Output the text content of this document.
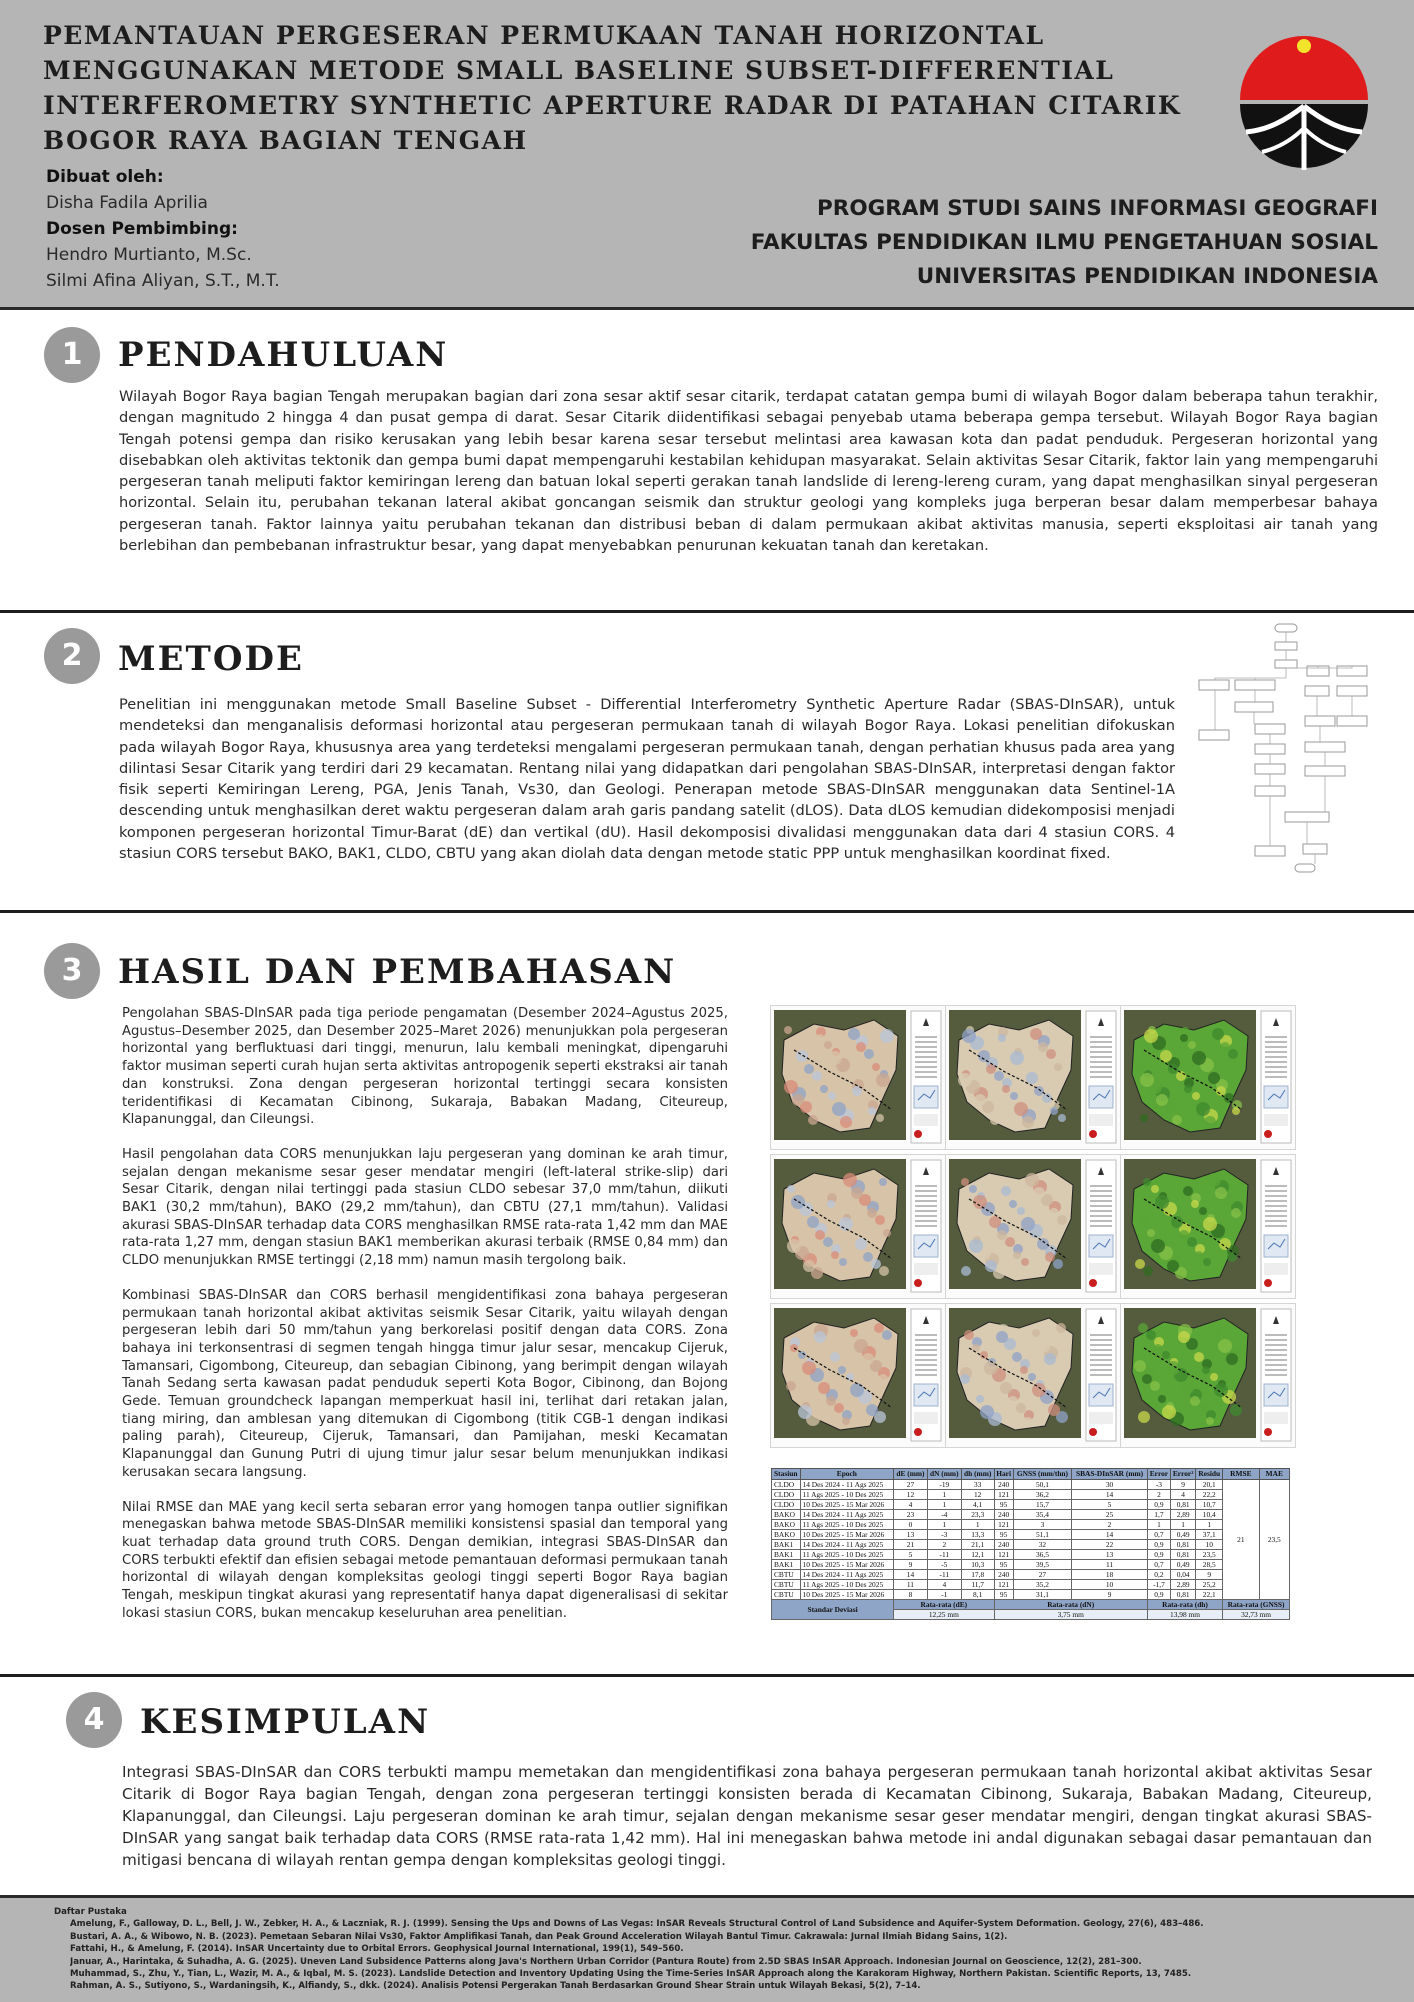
PEMANTAUAN PERGESERAN PERMUKAAN TANAH HORIZONTAL MENGGUNAKAN METODE SMALL BASELINE SUBSET-DIFFERENTIAL INTERFEROMETRY SYNTHETIC APERTURE RADAR DI PATAHAN CITARIK BOGOR RAYA BAGIAN TENGAH
Dibuat oleh:
Disha Fadila Aprilia
Dosen Pembimbing:
Hendro Murtianto, M.Sc.
Silmi Afina Aliyan, S.T., M.T.
PROGRAM STUDI SAINS INFORMASI GEOGRAFI
FAKULTAS PENDIDIKAN ILMU PENGETAHUAN SOSIAL
UNIVERSITAS PENDIDIKAN INDONESIA
1	PENDAHULUAN

Wilayah Bogor Raya bagian Tengah merupakan bagian dari zona sesar aktif sesar citarik, terdapat catatan gempa bumi di wilayah Bogor dalam beberapa tahun terakhir, dengan magnitudo 2 hingga 4 dan pusat gempa di darat. Sesar Citarik diidentifikasi sebagai penyebab utama beberapa gempa tersebut. Wilayah Bogor Raya bagian Tengah potensi gempa dan risiko kerusakan yang lebih besar karena sesar tersebut melintasi area kawasan kota dan padat penduduk. Pergeseran horizontal yang disebabkan oleh aktivitas tektonik dan gempa bumi dapat mempengaruhi kestabilan kehidupan masyarakat. Selain aktivitas Sesar Citarik, faktor lain yang mempengaruhi pergeseran tanah meliputi faktor kemiringan lereng dan batuan lokal seperti gerakan tanah landslide di lereng-lereng curam, yang dapat menghasilkan sinyal pergeseran horizontal. Selain itu, perubahan tekanan lateral akibat goncangan seismik dan struktur geologi yang kompleks juga berperan besar dalam memperbesar bahaya pergeseran tanah. Faktor lainnya yaitu perubahan tekanan dan distribusi beban di dalam permukaan akibat aktivitas manusia, seperti eksploitasi air tanah yang berlebihan dan pembebanan infrastruktur besar, yang dapat menyebabkan penurunan kekuatan tanah dan keretakan.

2	METODE

Penelitian ini menggunakan metode Small Baseline Subset - Differential Interferometry Synthetic Aperture Radar (SBAS-DInSAR), untuk mendeteksi dan menganalisis deformasi horizontal atau pergeseran permukaan tanah di wilayah Bogor Raya. Lokasi penelitian difokuskan pada wilayah Bogor Raya, khususnya area yang terdeteksi mengalami pergeseran permukaan tanah, dengan perhatian khusus pada area yang dilintasi Sesar Citarik yang terdiri dari 29 kecamatan. Rentang nilai yang didapatkan dari pengolahan SBAS-DInSAR, interpretasi dengan faktor fisik seperti Kemiringan Lereng, PGA, Jenis Tanah, Vs30, dan Geologi. Penerapan metode SBAS-DInSAR menggunakan data Sentinel-1A descending untuk menghasilkan deret waktu pergeseran dalam arah garis pandang satelit (dLOS). Data dLOS kemudian didekomposisi menjadi komponen pergeseran horizontal Timur-Barat (dE) dan vertikal (dU). Hasil dekomposisi divalidasi menggunakan data dari 4 stasiun CORS. 4 stasiun CORS tersebut BAKO, BAK1, CLDO, CBTU yang akan diolah data dengan metode static PPP untuk menghasilkan koordinat fixed.

3	HASIL DAN PEMBAHASAN

Pengolahan SBAS-DInSAR pada tiga periode pengamatan (Desember 2024–Agustus 2025, Agustus–Desember 2025, dan Desember 2025–Maret 2026) menunjukkan pola pergeseran horizontal yang berfluktuasi dari tinggi, menurun, lalu kembali meningkat, dipengaruhi faktor musiman seperti curah hujan serta aktivitas antropogenik seperti ekstraksi air tanah dan konstruksi. Zona dengan pergeseran horizontal tertinggi secara konsisten teridentifikasi di Kecamatan Cibinong, Sukaraja, Babakan Madang, Citeureup, Klapanunggal, dan Cileungsi.

Hasil pengolahan data CORS menunjukkan laju pergeseran yang dominan ke arah timur, sejalan dengan mekanisme sesar geser mendatar mengiri (left-lateral strike-slip) dari Sesar Citarik, dengan nilai tertinggi pada stasiun CLDO sebesar 37,0 mm/tahun, diikuti BAK1 (30,2 mm/tahun), BAKO (29,2 mm/tahun), dan CBTU (27,1 mm/tahun). Validasi akurasi SBAS-DInSAR terhadap data CORS menghasilkan RMSE rata-rata 1,42 mm dan MAE rata-rata 1,27 mm, dengan stasiun BAK1 memberikan akurasi terbaik (RMSE 0,84 mm) dan CLDO menunjukkan RMSE tertinggi (2,18 mm) namun masih tergolong baik.

Kombinasi SBAS-DInSAR dan CORS berhasil mengidentifikasi zona bahaya pergeseran permukaan tanah horizontal akibat aktivitas seismik Sesar Citarik, yaitu wilayah dengan pergeseran lebih dari 50 mm/tahun yang berkorelasi positif dengan data CORS. Zona bahaya ini terkonsentrasi di segmen tengah hingga timur jalur sesar, mencakup Cijeruk, Tamansari, Cigombong, Citeureup, dan sebagian Cibinong, yang berimpit dengan wilayah Tanah Sedang serta kawasan padat penduduk seperti Kota Bogor, Cibinong, dan Bojong Gede. Temuan groundcheck lapangan memperkuat hasil ini, terlihat dari retakan jalan, tiang miring, dan amblesan yang ditemukan di Cigombong (titik CGB-1 dengan indikasi paling parah), Citeureup, Cijeruk, Tamansari, dan Pamijahan, meski Kecamatan Klapanunggal dan Gunung Putri di ujung timur jalur sesar belum menunjukkan indikasi kerusakan secara langsung.

Nilai RMSE dan MAE yang kecil serta sebaran error yang homogen tanpa outlier signifikan menegaskan bahwa metode SBAS-DInSAR memiliki konsistensi spasial dan temporal yang kuat terhadap data ground truth CORS. Dengan demikian, integrasi SBAS-DInSAR dan CORS terbukti efektif dan efisien sebagai metode pemantauan deformasi permukaan tanah horizontal di wilayah dengan kompleksitas geologi tinggi seperti Bogor Raya bagian Tengah, meskipun tingkat akurasi yang representatif hanya dapat digeneralisasi di sekitar lokasi stasiun CORS, bukan mencakup keseluruhan area penelitian.

Stasiun	Epoch	dE (mm)	dN (mm)	dh (mm)	Hari	GNSS (mm/thn)	SBAS-DInSAR (mm)	Error	Error²	Residu	RMSE	MAE
CLDO	14 Des 2024 - 11 Ags 2025	27	-19	33	240	50,1	30	-3	9	20,1	21	23,5
CLDO	11 Ags 2025 - 10 Des 2025	12	1	12	121	36,2	14	2	4	22,2		
CLDO	10 Des 2025 - 15 Mar 2026	4	1	4,1	95	15,7	5	0,9	0,81	10,7		
BAKO	14 Des 2024 - 11 Ags 2025	23	-4	23,3	240	35,4	25	1,7	2,89	10,4		
BAKO	11 Ags 2025 - 10 Des 2025	0	1	1	121	3	2	1	1	1		
BAKO	10 Des 2025 - 15 Mar 2026	13	-3	13,3	95	51,1	14	0,7	0,49	37,1		
BAK1	14 Des 2024 - 11 Ags 2025	21	2	21,1	240	32	22	0,9	0,81	10		
BAK1	11 Ags 2025 - 10 Des 2025	5	-11	12,1	121	36,5	13	0,9	0,81	23,5		
BAK1	10 Des 2025 - 15 Mar 2026	9	-5	10,3	95	39,5	11	0,7	0,49	28,5		
CBTU	14 Des 2024 - 11 Ags 2025	14	-11	17,8	240	27	18	0,2	0,04	9		
CBTU	11 Ags 2025 - 10 Des 2025	11	4	11,7	121	35,2	10	-1,7	2,89	25,2		
CBTU	10 Des 2025 - 15 Mar 2026	8	-1	8,1	95	31,1	9	0,9	0,81	22,1		
Standar Deviasi		Rata-rata (dE)			Rata-rata (dN)			Rata-rata (dh)			Rata-rata (GNSS)	
		12,25 mm			3,75 mm			13,98 mm			32,73 mm	
4	KESIMPULAN

Integrasi SBAS-DInSAR dan CORS terbukti mampu memetakan dan mengidentifikasi zona bahaya pergeseran permukaan tanah horizontal akibat aktivitas Sesar Citarik di Bogor Raya bagian Tengah, dengan zona pergeseran tertinggi konsisten berada di Kecamatan Cibinong, Sukaraja, Babakan Madang, Citeureup, Klapanunggal, dan Cileungsi. Laju pergeseran dominan ke arah timur, sejalan dengan mekanisme sesar geser mendatar mengiri, dengan tingkat akurasi SBAS-DInSAR yang sangat baik terhadap data CORS (RMSE rata-rata 1,42 mm). Hal ini menegaskan bahwa metode ini andal digunakan sebagai dasar pemantauan dan mitigasi bencana di wilayah rentan gempa dengan kompleksitas geologi tinggi.

Daftar Pustaka
• Amelung, F., Galloway, D. L., Bell, J. W., Zebker, H. A., & Laczniak, R. J. (1999). Sensing the Ups and Downs of Las Vegas: InSAR Reveals Structural Control of Land Subsidence and Aquifer-System Deformation. Geology, 27(6), 483–486.
• Bustari, A. A., & Wibowo, N. B. (2023). Pemetaan Sebaran Nilai Vs30, Faktor Amplifikasi Tanah, dan Peak Ground Acceleration Wilayah Bantul Timur. Cakrawala: Jurnal Ilmiah Bidang Sains, 1(2).
• Fattahi, H., & Amelung, F. (2014). InSAR Uncertainty due to Orbital Errors. Geophysical Journal International, 199(1), 549–560.
• Januar, A., Harintaka, & Suhadha, A. G. (2025). Uneven Land Subsidence Patterns along Java's Northern Urban Corridor (Pantura Route) from 2.5D SBAS InSAR Approach. Indonesian Journal on Geoscience, 12(2), 281–300.
• Muhammad, S., Zhu, Y., Tian, L., Wazir, M. A., & Iqbal, M. S. (2023). Landslide Detection and Inventory Updating Using the Time-Series InSAR Approach along the Karakoram Highway, Northern Pakistan. Scientific Reports, 13, 7485.
• Rahman, A. S., Sutiyono, S., Wardaningsih, K., Alfiandy, S., dkk. (2024). Analisis Potensi Pergerakan Tanah Berdasarkan Ground Shear Strain untuk Wilayah Bekasi, 5(2), 7–14.
